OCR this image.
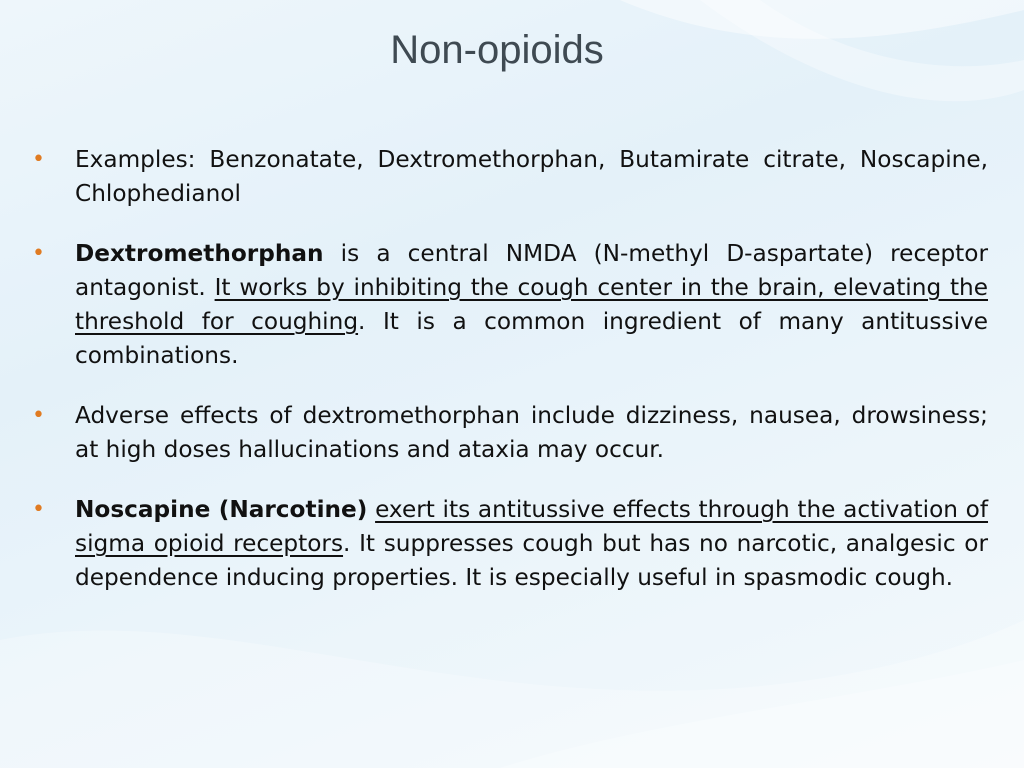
Non-opioids
• Examples: Benzonatate, Dextromethorphan, Butamirate citrate, Noscapine, Chlophedianol
• Dextromethorphan is a central NMDA (N-methyl D-aspartate) receptor antagonist. It works by inhibiting the cough center in the brain, elevating the threshold for coughing. It is a common ingredient of many antitussive combinations.
• Adverse effects of dextromethorphan include dizziness, nausea, drowsiness; at high doses hallucinations and ataxia may occur.
• Noscapine (Narcotine) exert its antitussive effects through the activation of sigma opioid receptors. It suppresses cough but has no narcotic, analgesic or dependence inducing properties. It is especially useful in spasmodic cough.
